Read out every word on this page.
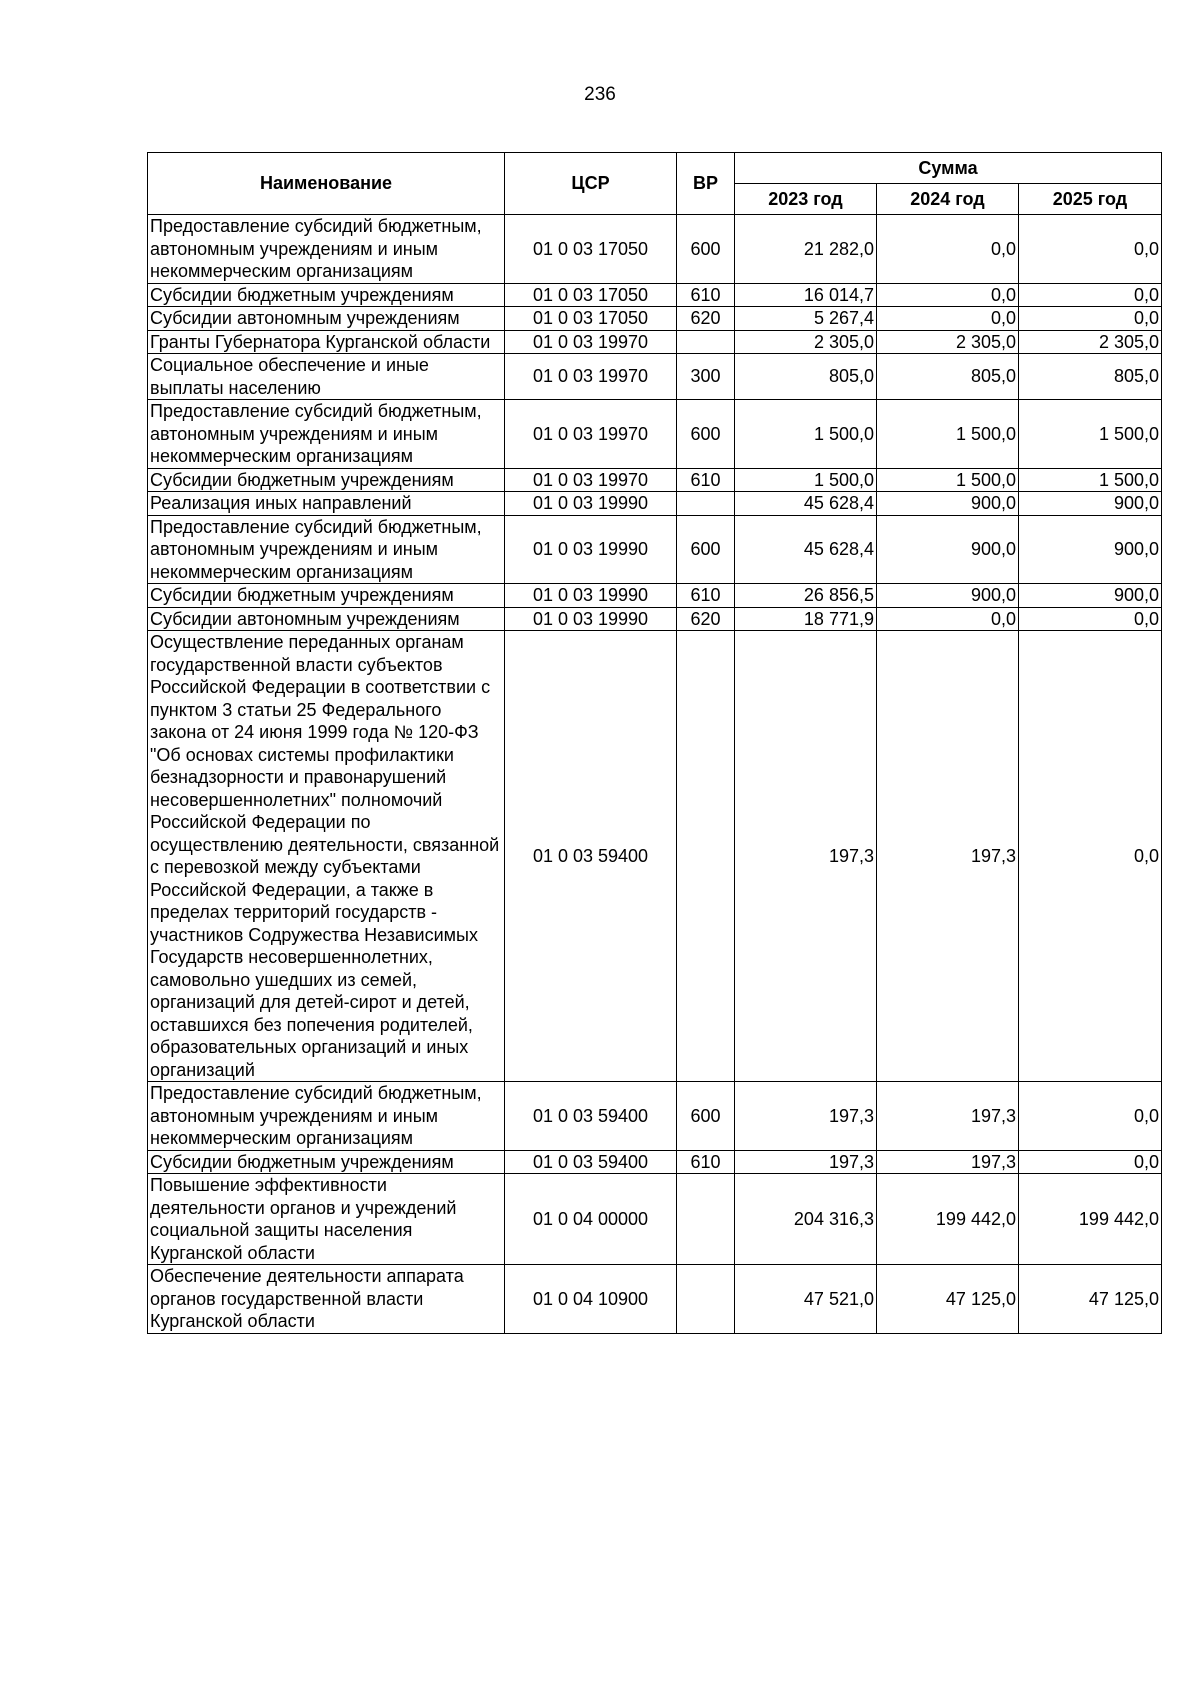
236
Наименование	ЦСР	ВР	Сумма		
			2023 год	2024 год	2025 год
Предоставление субсидий бюджетным, автономным учреждениям и иным некоммерческим организациям	01 0 03 17050	600	21 282,0	0,0	0,0
Субсидии бюджетным учреждениям	01 0 03 17050	610	16 014,7	0,0	0,0
Субсидии автономным учреждениям	01 0 03 17050	620	5 267,4	0,0	0,0
Гранты Губернатора Курганской области	01 0 03 19970		2 305,0	2 305,0	2 305,0
Социальное обеспечение и иные выплаты населению	01 0 03 19970	300	805,0	805,0	805,0
Предоставление субсидий бюджетным, автономным учреждениям и иным некоммерческим организациям	01 0 03 19970	600	1 500,0	1 500,0	1 500,0
Субсидии бюджетным учреждениям	01 0 03 19970	610	1 500,0	1 500,0	1 500,0
Реализация иных направлений	01 0 03 19990		45 628,4	900,0	900,0
Предоставление субсидий бюджетным, автономным учреждениям и иным некоммерческим организациям	01 0 03 19990	600	45 628,4	900,0	900,0
Субсидии бюджетным учреждениям	01 0 03 19990	610	26 856,5	900,0	900,0
Субсидии автономным учреждениям	01 0 03 19990	620	18 771,9	0,0	0,0
Осуществление переданных органам государственной власти субъектов Российской Федерации в соответствии с пунктом 3 статьи 25 Федерального закона от 24 июня 1999 года № 120-ФЗ "Об основах системы профилактики безнадзорности и правонарушений несовершеннолетних" полномочий Российской Федерации по осуществлению деятельности, связанной с перевозкой между субъектами Российской Федерации, а также в пределах территорий государств - участников Содружества Независимых Государств несовершеннолетних, самовольно ушедших из семей, организаций для детей-сирот и детей, оставшихся без попечения родителей, образовательных организаций и иных организаций	01 0 03 59400		197,3	197,3	0,0
Предоставление субсидий бюджетным, автономным учреждениям и иным некоммерческим организациям	01 0 03 59400	600	197,3	197,3	0,0
Субсидии бюджетным учреждениям	01 0 03 59400	610	197,3	197,3	0,0
Повышение эффективности деятельности органов и учреждений социальной защиты населения Курганской области	01 0 04 00000		204 316,3	199 442,0	199 442,0
Обеспечение деятельности аппарата органов государственной власти Курганской области	01 0 04 10900		47 521,0	47 125,0	47 125,0
